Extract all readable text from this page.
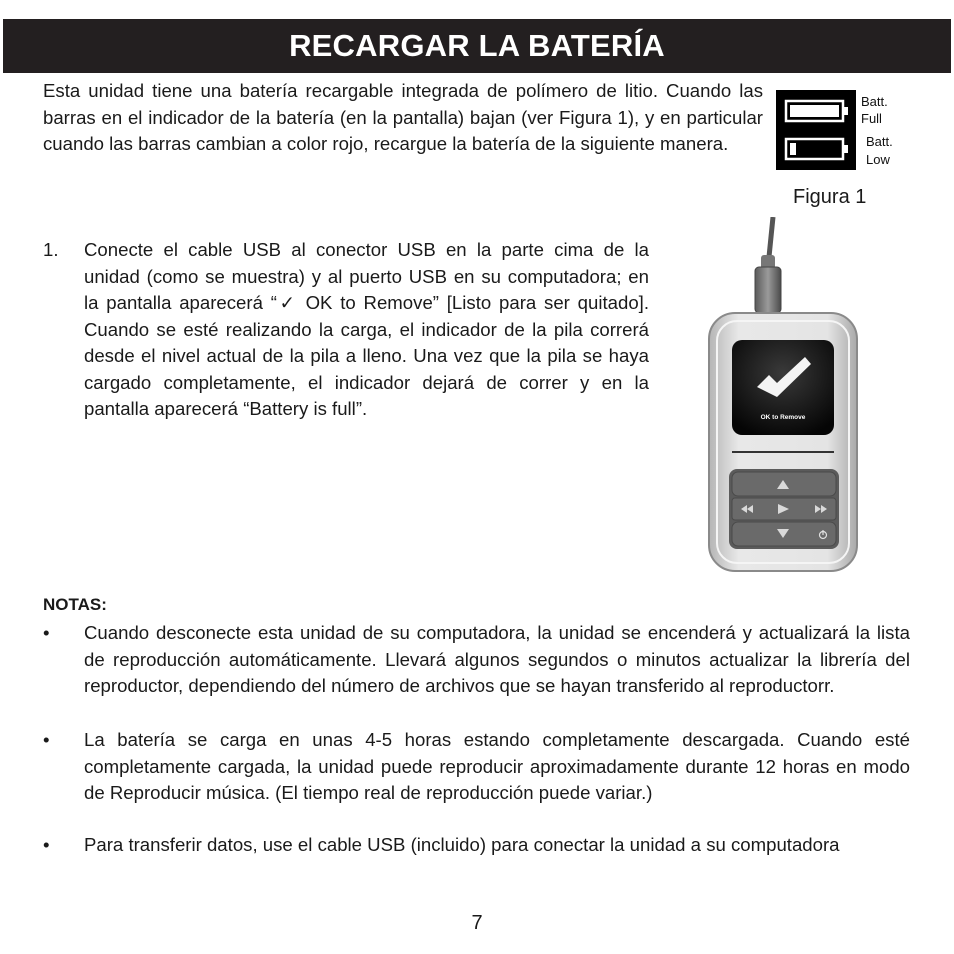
RECARGAR LA BATERÍA

Esta unidad tiene una batería recargable integrada de polímero de litio. Cuando las barras en el indicador de la batería (en la pantalla) bajan (ver Figura 1), y en particular cuando las barras cambian a color rojo, recargue la batería de la siguiente manera.

Batt.
Full
Batt.
Low
Figura 1
1. Conecte el cable USB al conector USB en la parte cima de la unidad (como se muestra) y al puerto USB en su computadora; en la pantalla aparecerá “✓ OK to Remove” [Listo para ser quitado]. Cuando se esté realizando la carga, el indicador de la pila correrá desde el nivel actual de la pila a lleno. Una vez que la pila se haya cargado completamente, el indicador dejará de correr y en la pantalla aparecerá “Battery is full”.	OK to Remove

NOTAS:

• Cuando desconecte esta unidad de su computadora, la unidad se encenderá y actualizará la lista de reproducción automáticamente. Llevará algunos segundos o minutos actualizar la librería del reproductor, dependiendo del número de archivos que se hayan transferido al reproductorr.

• La batería se carga en unas 4-5 horas estando completamente descargada. Cuando esté completamente cargada, la unidad puede reproducir aproximadamente durante 12 horas en modo de Reproducir música. (El tiempo real de reproducción puede variar.)

• Para transferir datos, use el cable USB (incluido) para conectar la unidad a su computadora

7
